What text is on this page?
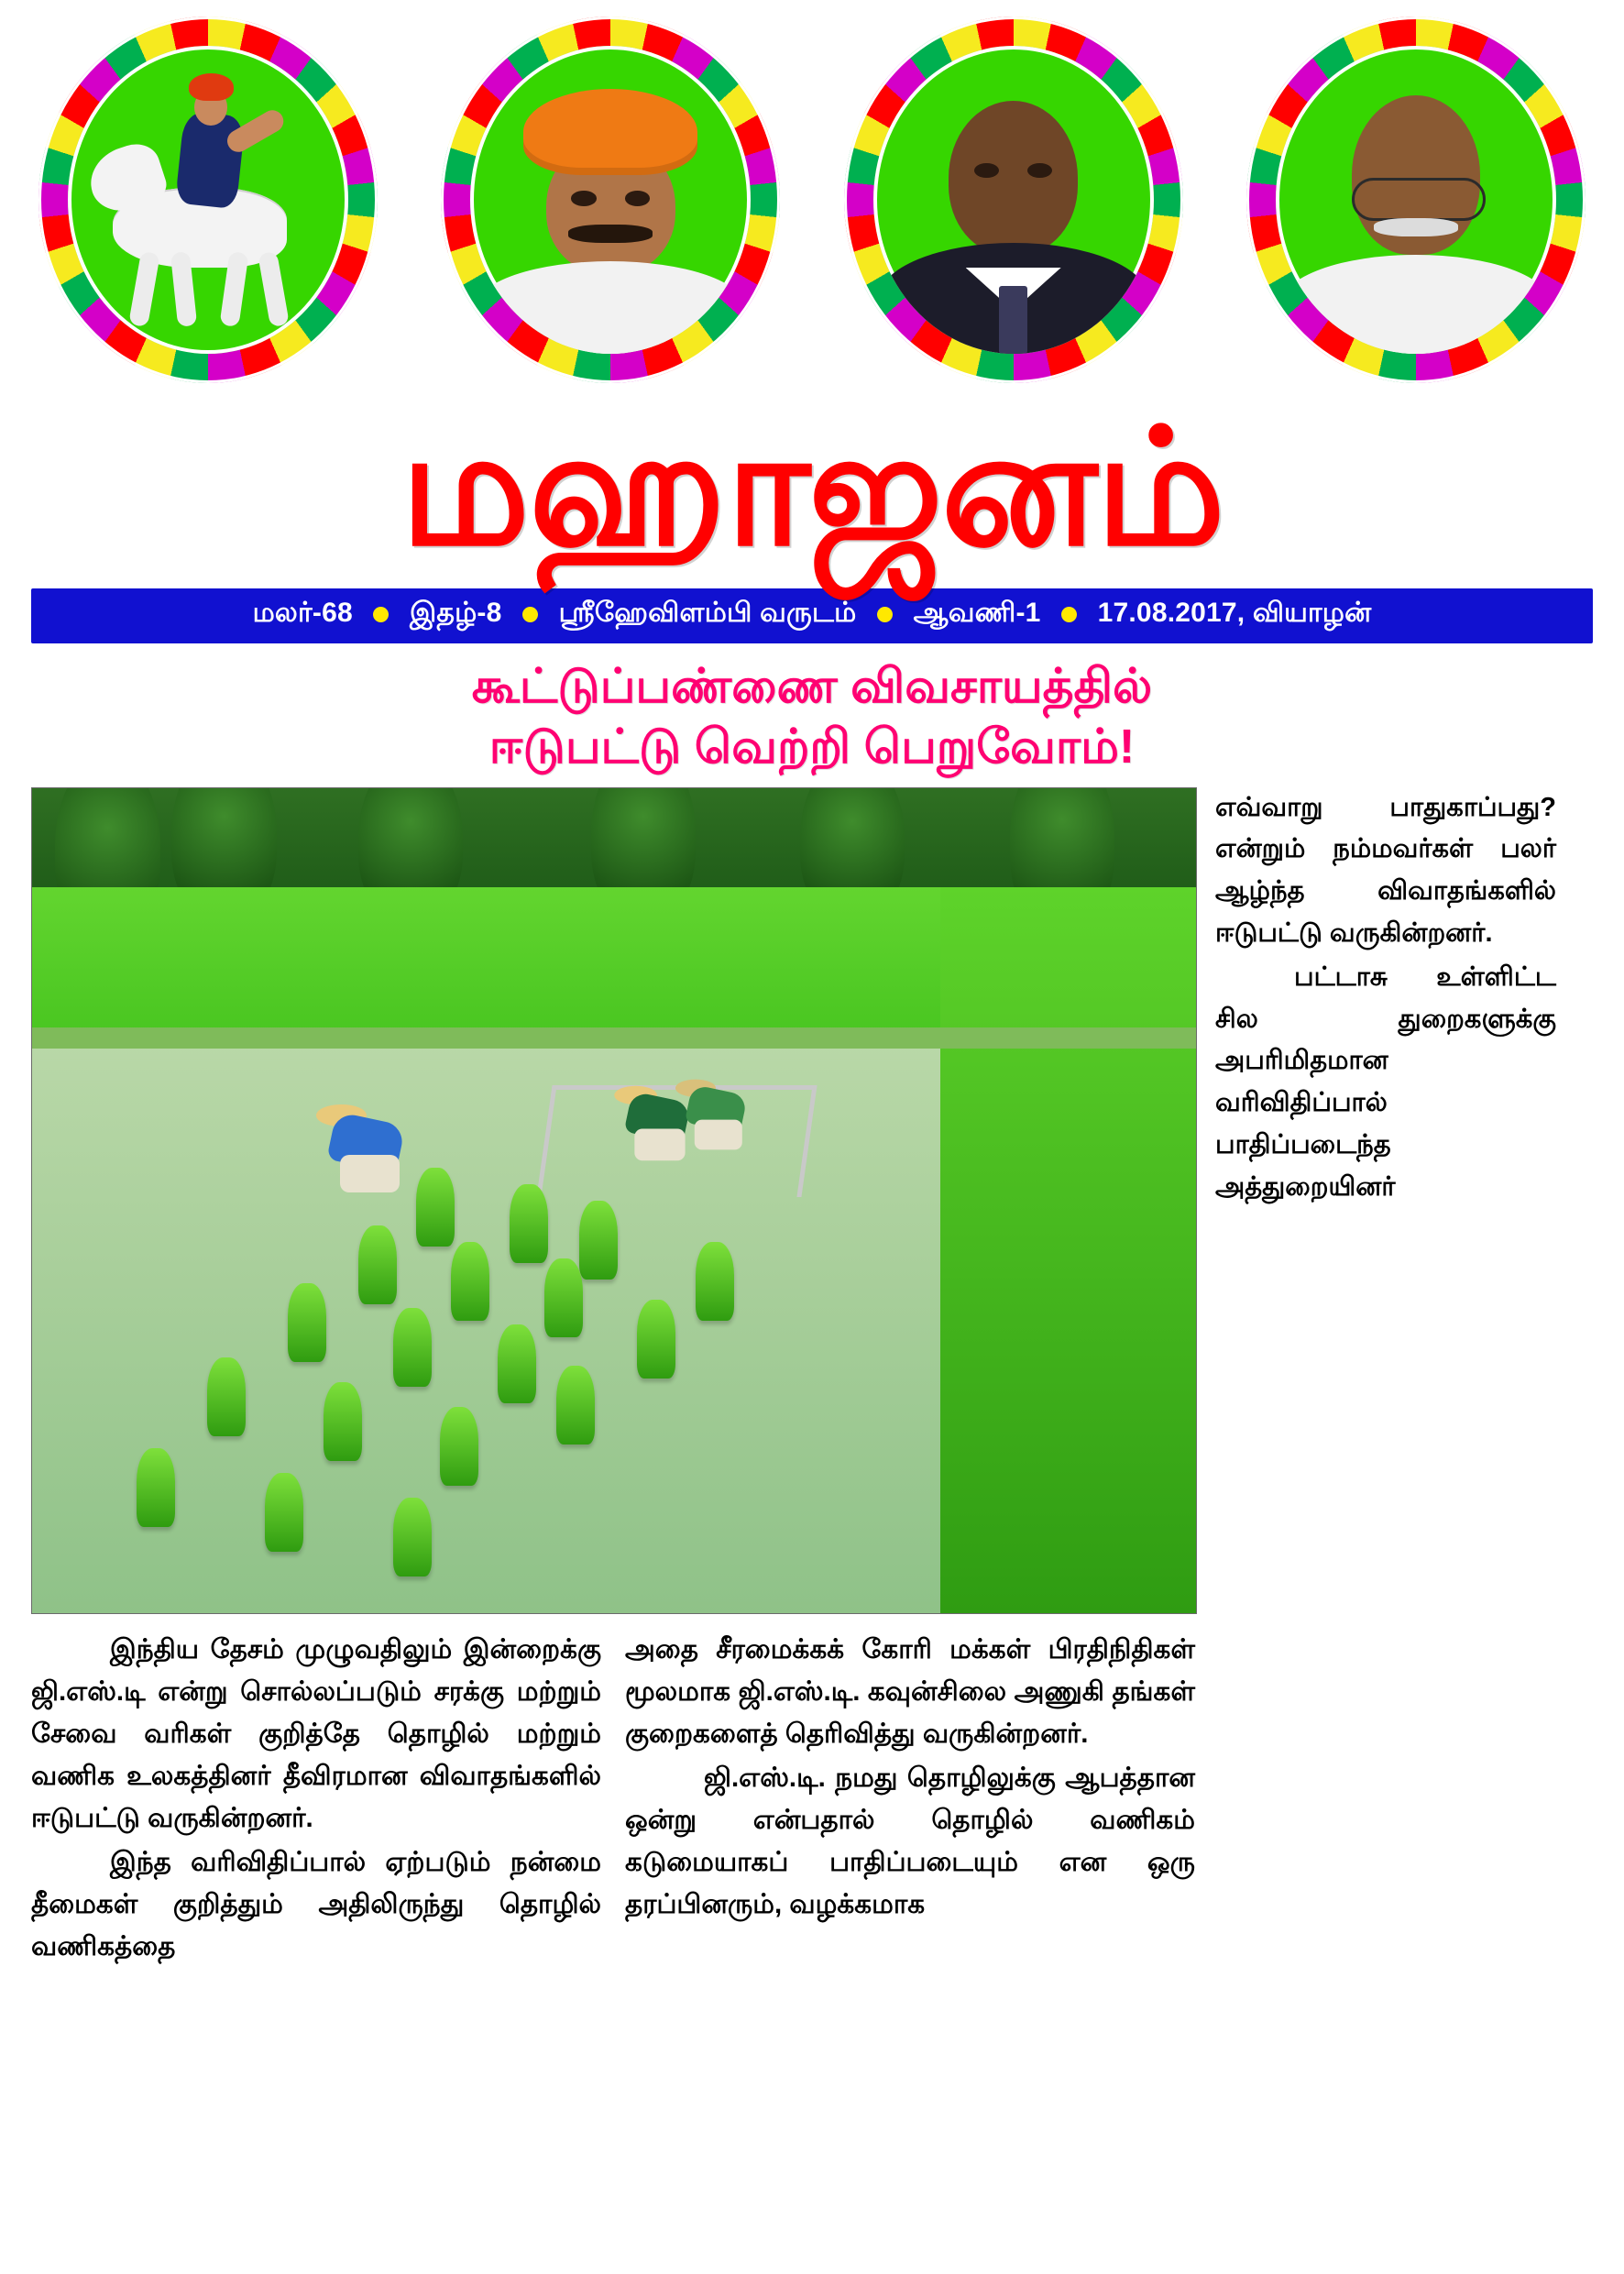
மஹாஜனம்
மலர்-68 இதழ்-8 ஸ்ரீஹேவிளம்பி வருடம் ஆவணி-1 17.08.2017, வியாழன்
கூட்டுப்பண்ணை விவசாயத்தில்
ஈடுபட்டு வெற்றி பெறுவோம்!

எவ்வாறு பாதுகாப்பது? என்றும் நம்மவர்கள் பலர் ஆழ்ந்த விவாதங்களில் ஈடுபட்டு வருகின்றனர்.

பட்டாசு உள்ளிட்ட சில துறைகளுக்கு அபரிமிதமான வரிவிதிப்பால் பாதிப்படைந்த அத்துறையினர்

இந்திய தேசம் முழுவதிலும் இன்றைக்கு ஜி.எஸ்.டி என்று சொல்லப்படும் சரக்கு மற்றும் சேவை வரிகள் குறித்தே தொழில் மற்றும் வணிக உலகத்தினர் தீவிரமான விவாதங்களில் ஈடுபட்டு வருகின்றனர்.

இந்த வரிவிதிப்பால் ஏற்படும் நன்மை தீமைகள் குறித்தும் அதிலிருந்து தொழில் வணிகத்தை

அதை சீரமைக்கக் கோரி மக்கள் பிரதிநிதிகள் மூலமாக ஜி.எஸ்.டி. கவுன்சிலை அணுகி தங்கள் குறைகளைத் தெரிவித்து வருகின்றனர்.

ஜி.எஸ்.டி. நமது தொழிலுக்கு ஆபத்தான ஒன்று என்பதால் தொழில் வணிகம் கடுமையாகப் பாதிப்படையும் என ஒரு தரப்பினரும், வழக்கமாக
